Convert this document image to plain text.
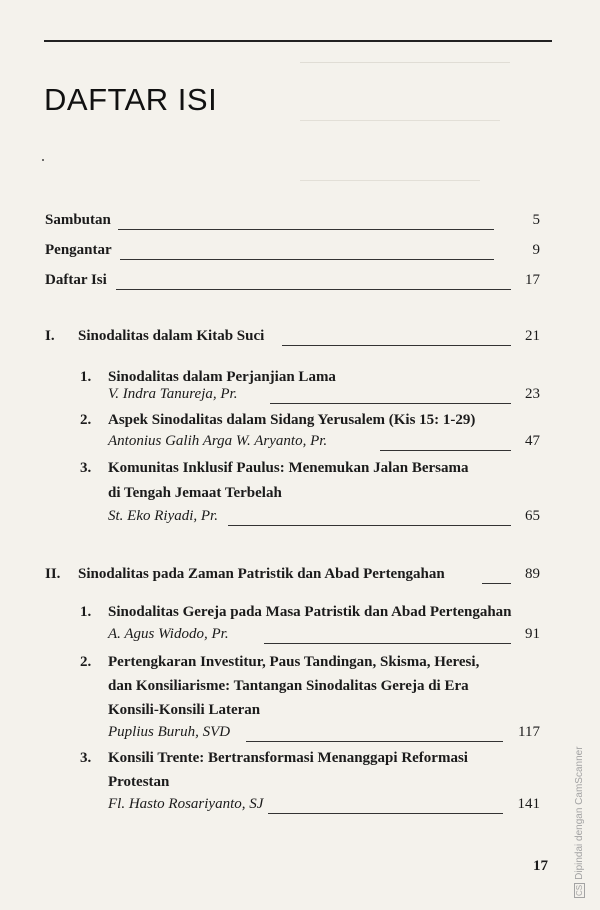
DAFTAR ISI
Sambutan	5
Pengantar	9
Daftar Isi	17
I. Sinodalitas dalam Kitab Suci	21
1. Sinodalitas dalam Perjanjian Lama
V. Indra Tanureja, Pr.	23
2. Aspek Sinodalitas dalam Sidang Yerusalem (Kis 15: 1-29)
Antonius Galih Arga W. Aryanto, Pr.	47
3. Komunitas Inklusif Paulus: Menemukan Jalan Bersama
di Tengah Jemaat Terbelah
St. Eko Riyadi, Pr.	65
II. Sinodalitas pada Zaman Patristik dan Abad Pertengahan	89
1. Sinodalitas Gereja pada Masa Patristik dan Abad Pertengahan
A. Agus Widodo, Pr.	91
2. Pertengkaran Investitur, Paus Tandingan, Skisma, Heresi,
dan Konsiliarisme: Tantangan Sinodalitas Gereja di Era
Konsili-Konsili Lateran
Puplius Buruh, SVD	117
3. Konsili Trente: Bertransformasi Menanggapi Reformasi
Protestan
Fl. Hasto Rosariyanto, SJ	141
17
CSDipindai dengan CamScanner
